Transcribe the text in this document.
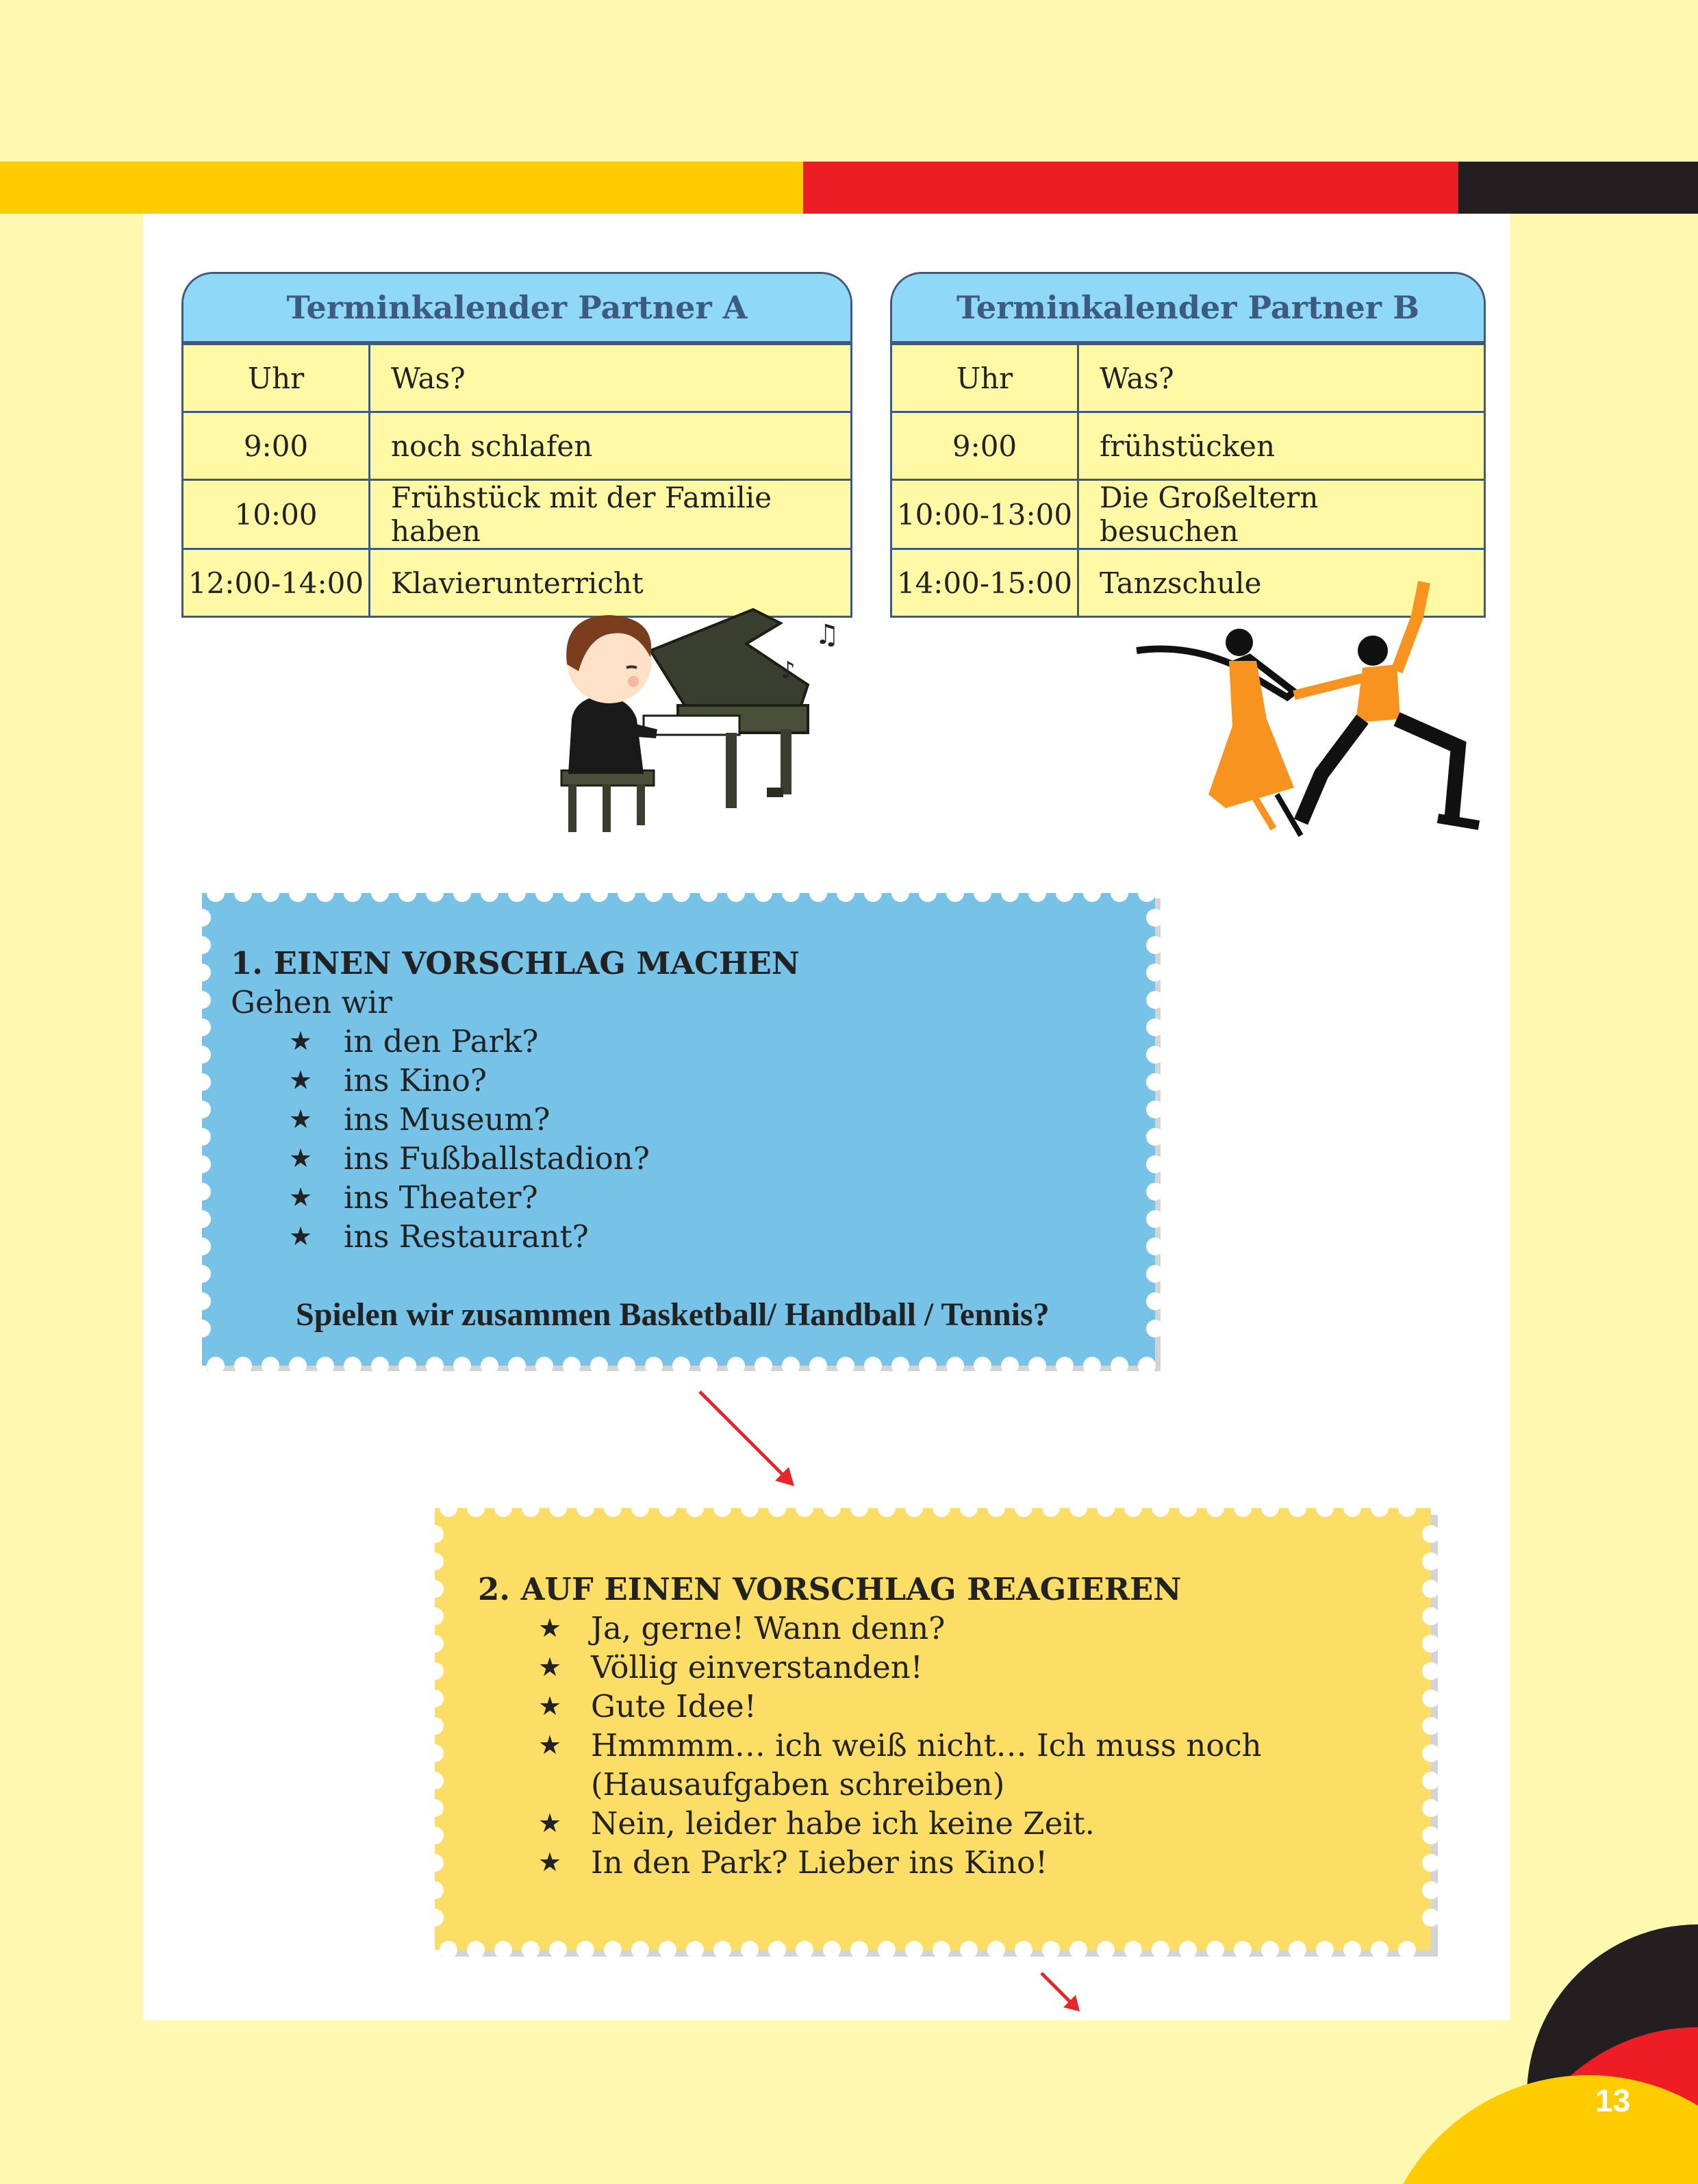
Terminkalender Partner A
Uhr	Was?
9:00	noch schlafen
10:00	Frühstück mit der Familie haben
12:00-14:00	Klavierunterricht
Terminkalender Partner B
Uhr	Was?
9:00	frühstücken
10:00-13:00	Die Großeltern besuchen
14:00-15:00	Tanzschule
♫
♪
1. EINEN VORSCHLAG MACHEN
Gehen wir
★ in den Park?
★ ins Kino?
★ ins Museum?
★ ins Fußballstadion?
★ ins Theater?
★ ins Restaurant?
Spielen wir zusammen Basketball/ Handball / Tennis?
2. AUF EINEN VORSCHLAG REAGIEREN
★ Ja, gerne! Wann denn?
★ Völlig einverstanden!
★ Gute Idee!
★ Hmmmm… ich weiß nicht… Ich muss noch
(Hausaufgaben schreiben)
★ Nein, leider habe ich keine Zeit.
★ In den Park? Lieber ins Kino!
13
